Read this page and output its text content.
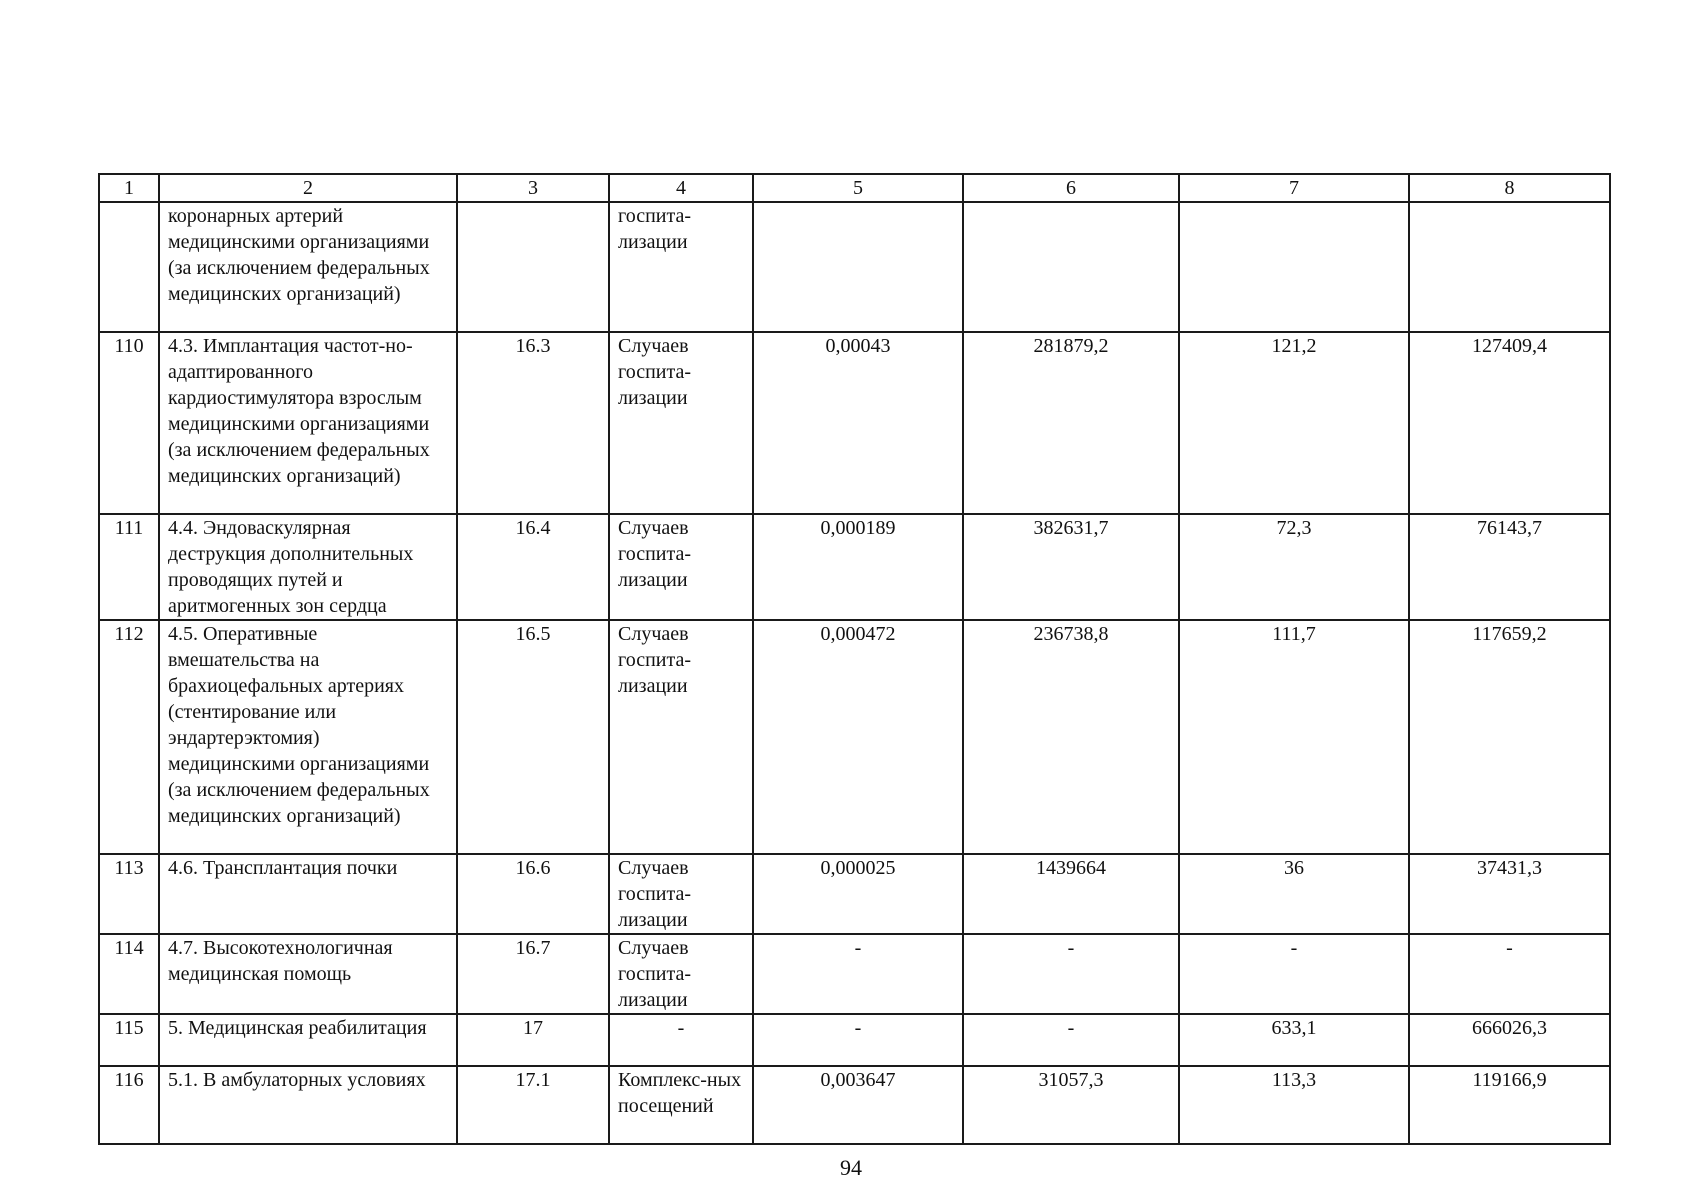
1	2	3	4	5	6	7	8
	коронарных артерий медицинскими организациями (за исключением федеральных медицинских организаций)		госпита-лизации				
110	4.3. Имплантация частот-но-адаптированного кардиостимулятора взрослым медицинскими организациями (за исключением федеральных медицинских организаций)	16.3	Случаев госпита-лизации	0,00043	281879,2	121,2	127409,4
111	4.4. Эндоваскулярная деструкция дополнительных проводящих путей и аритмогенных зон сердца	16.4	Случаев госпита-лизации	0,000189	382631,7	72,3	76143,7
112	4.5. Оперативные вмешательства на брахиоцефальных артериях (стентирование или эндартерэктомия) медицинскими организациями (за исключением федеральных медицинских организаций)	16.5	Случаев госпита-лизации	0,000472	236738,8	111,7	117659,2
113	4.6. Трансплантация почки	16.6	Случаев госпита-лизации	0,000025	1439664	36	37431,3
114	4.7. Высокотехнологичная медицинская помощь	16.7	Случаев госпита-лизации	-	-	-	-
115	5. Медицинская реабилитация	17	-	-	-	633,1	666026,3
116	5.1. В амбулаторных условиях	17.1	Комплекс-ных посещений	0,003647	31057,3	113,3	119166,9
94
